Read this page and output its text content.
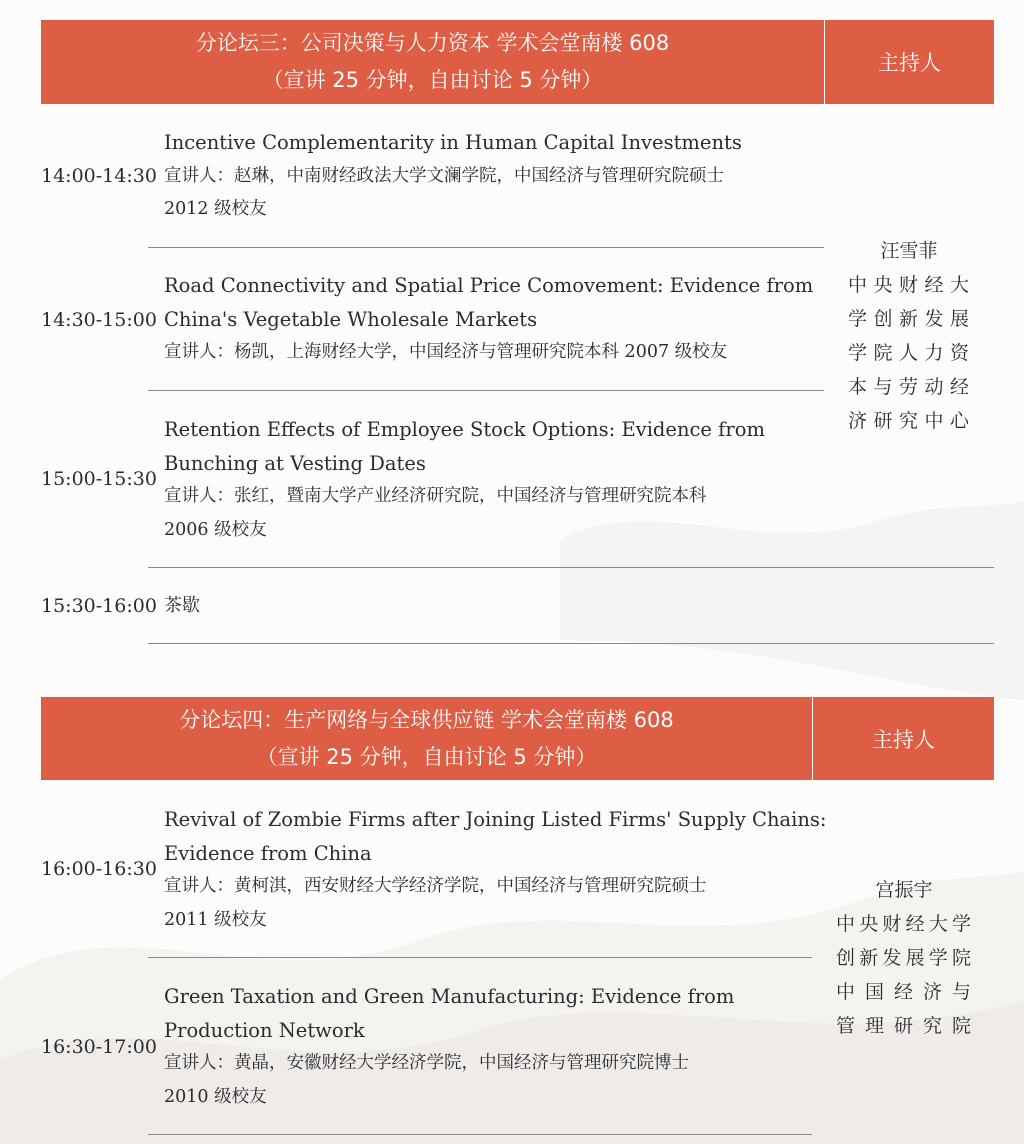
分论坛三：公司决策与人力资本 学术会堂南楼 608
（宣讲 25 分钟，自由讨论 5 分钟）
主持人
14:00-14:30
Incentive Complementarity in Human Capital Investments
宣讲人：赵琳，中南财经政法大学文澜学院，中国经济与管理研究院硕士
2012 级校友
14:30-15:00
Road Connectivity and Spatial Price Comovement: Evidence from
China's Vegetable Wholesale Markets
宣讲人：杨凯，上海财经大学，中国经济与管理研究院本科 2007 级校友
15:00-15:30
Retention Effects of Employee Stock Options: Evidence from
Bunching at Vesting Dates
宣讲人：张红，暨南大学产业经济研究院，中国经济与管理研究院本科
2006 级校友
15:30-16:00 茶歇
汪雪菲
中央财经大
学创新发展
学院人力资
本与劳动经
济研究中心
分论坛四：生产网络与全球供应链 学术会堂南楼 608
（宣讲 25 分钟，自由讨论 5 分钟）
主持人
16:00-16:30
Revival of Zombie Firms after Joining Listed Firms' Supply Chains:
Evidence from China
宣讲人：黄柯淇，西安财经大学经济学院，中国经济与管理研究院硕士
2011 级校友
16:30-17:00
Green Taxation and Green Manufacturing: Evidence from
Production Network
宣讲人：黄晶，安徽财经大学经济学院，中国经济与管理研究院博士
2010 级校友
宫振宇
中央财经大学
创新发展学院
中国经济与
管理研究院
